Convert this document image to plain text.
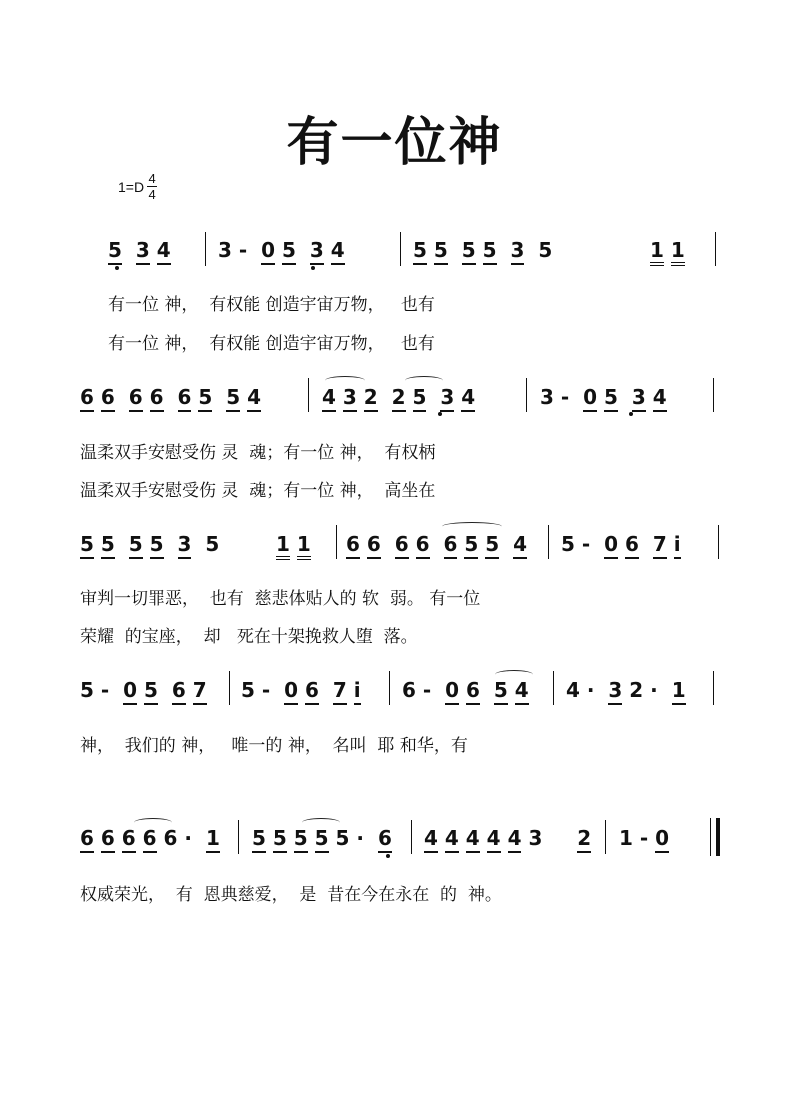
有一位神
$1=D \frac{4}{4}$
5 3 4 3 -  0 5 3 4	5 5 5 5 3  5	1 1
有一位 神，  有权能 创造宇宙万物，   也有
有一位 神，  有权能 创造宇宙万物，   也有
6 6 6 6 6 5 5 4	4 3 2 2 5 3 4	3 -  0 5 3 4
温柔双手安慰受伤 灵  魂；有一位 神，  有权柄
温柔双手安慰受伤 灵  魂；有一位 神，  高坐在
5 5 5 5 3  5	1 1 6 6 6 6 6 5 5 4 5 -  0 6 7 i
审判一切罪恶，  也有  慈悲体贴人的 软  弱。 有一位
荣耀  的宝座，  却   死在十架挽救人堕  落。
5 -  0 5 6 7 5 -  0 6 7 i 6 -  0 6 5 4 4 ·  3 2 ·  1
神，  我们的 神，   唯一的 神，  名叫  耶 和华，有
6 6 6 6 6 ·  1 5 5 5 5 5 ·  6 4 4 4 4 4 3     2 1 - 0
权威荣光，  有  恩典慈爱，  是  昔在今在永在  的  神。
